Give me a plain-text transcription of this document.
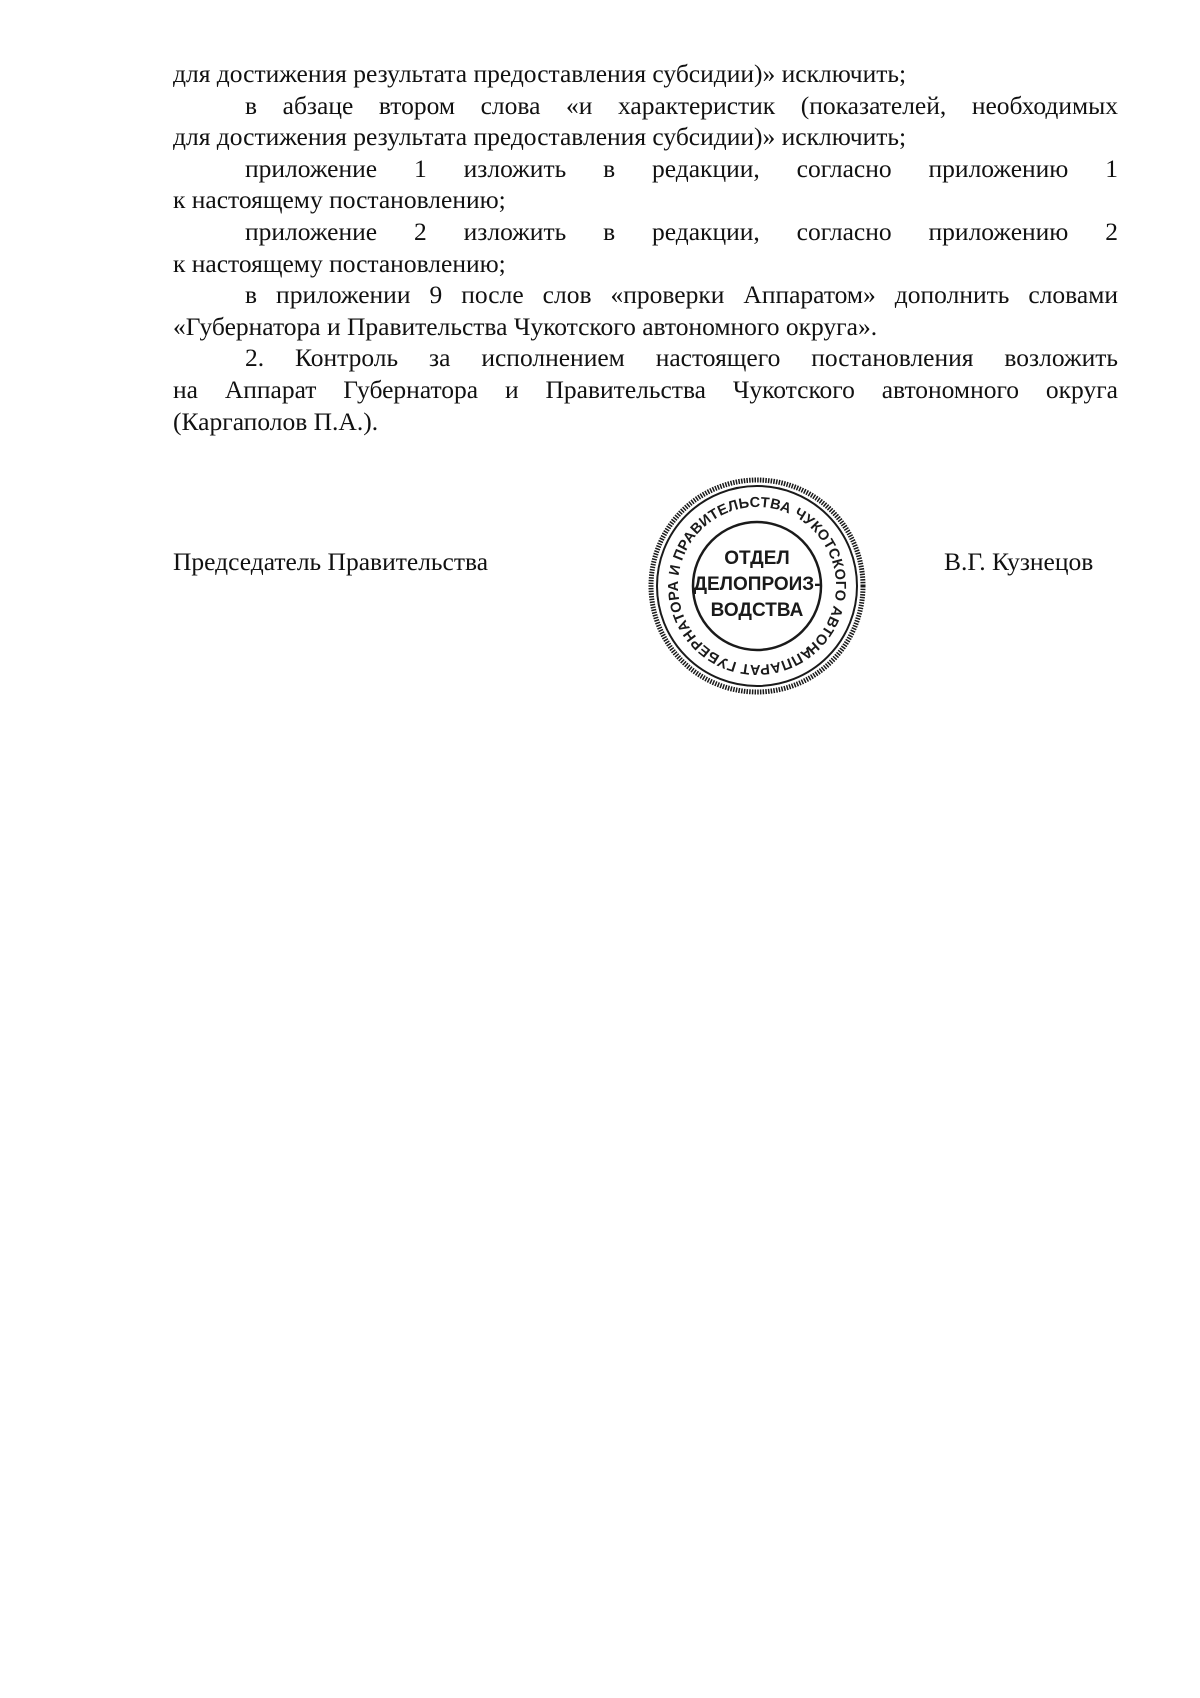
для достижения результата предоставления субсидии)» исключить;
в абзаце втором слова «и характеристик (показателей, необходимых
для достижения результата предоставления субсидии)» исключить;
приложение 1 изложить в редакции, согласно приложению 1
к настоящему постановлению;
приложение 2 изложить в редакции, согласно приложению 2
к настоящему постановлению;
в приложении 9 после слов «проверки Аппаратом» дополнить словами
«Губернатора и Правительства Чукотского автономного округа».
2. Контроль за исполнением настоящего постановления возложить
на Аппарат Губернатора и Правительства Чукотского автономного округа
(Каргаполов П.А.).
Председатель Правительства	В.Г. Кузнецов
АППАРАТ ГУБЕРНАТОРА И ПРАВИТЕЛЬСТВА ЧУКОТСКОГО АВТОНОМНОГО
ОТДЕЛ
ДЕЛОПРОИЗ-
ВОДСТВА
